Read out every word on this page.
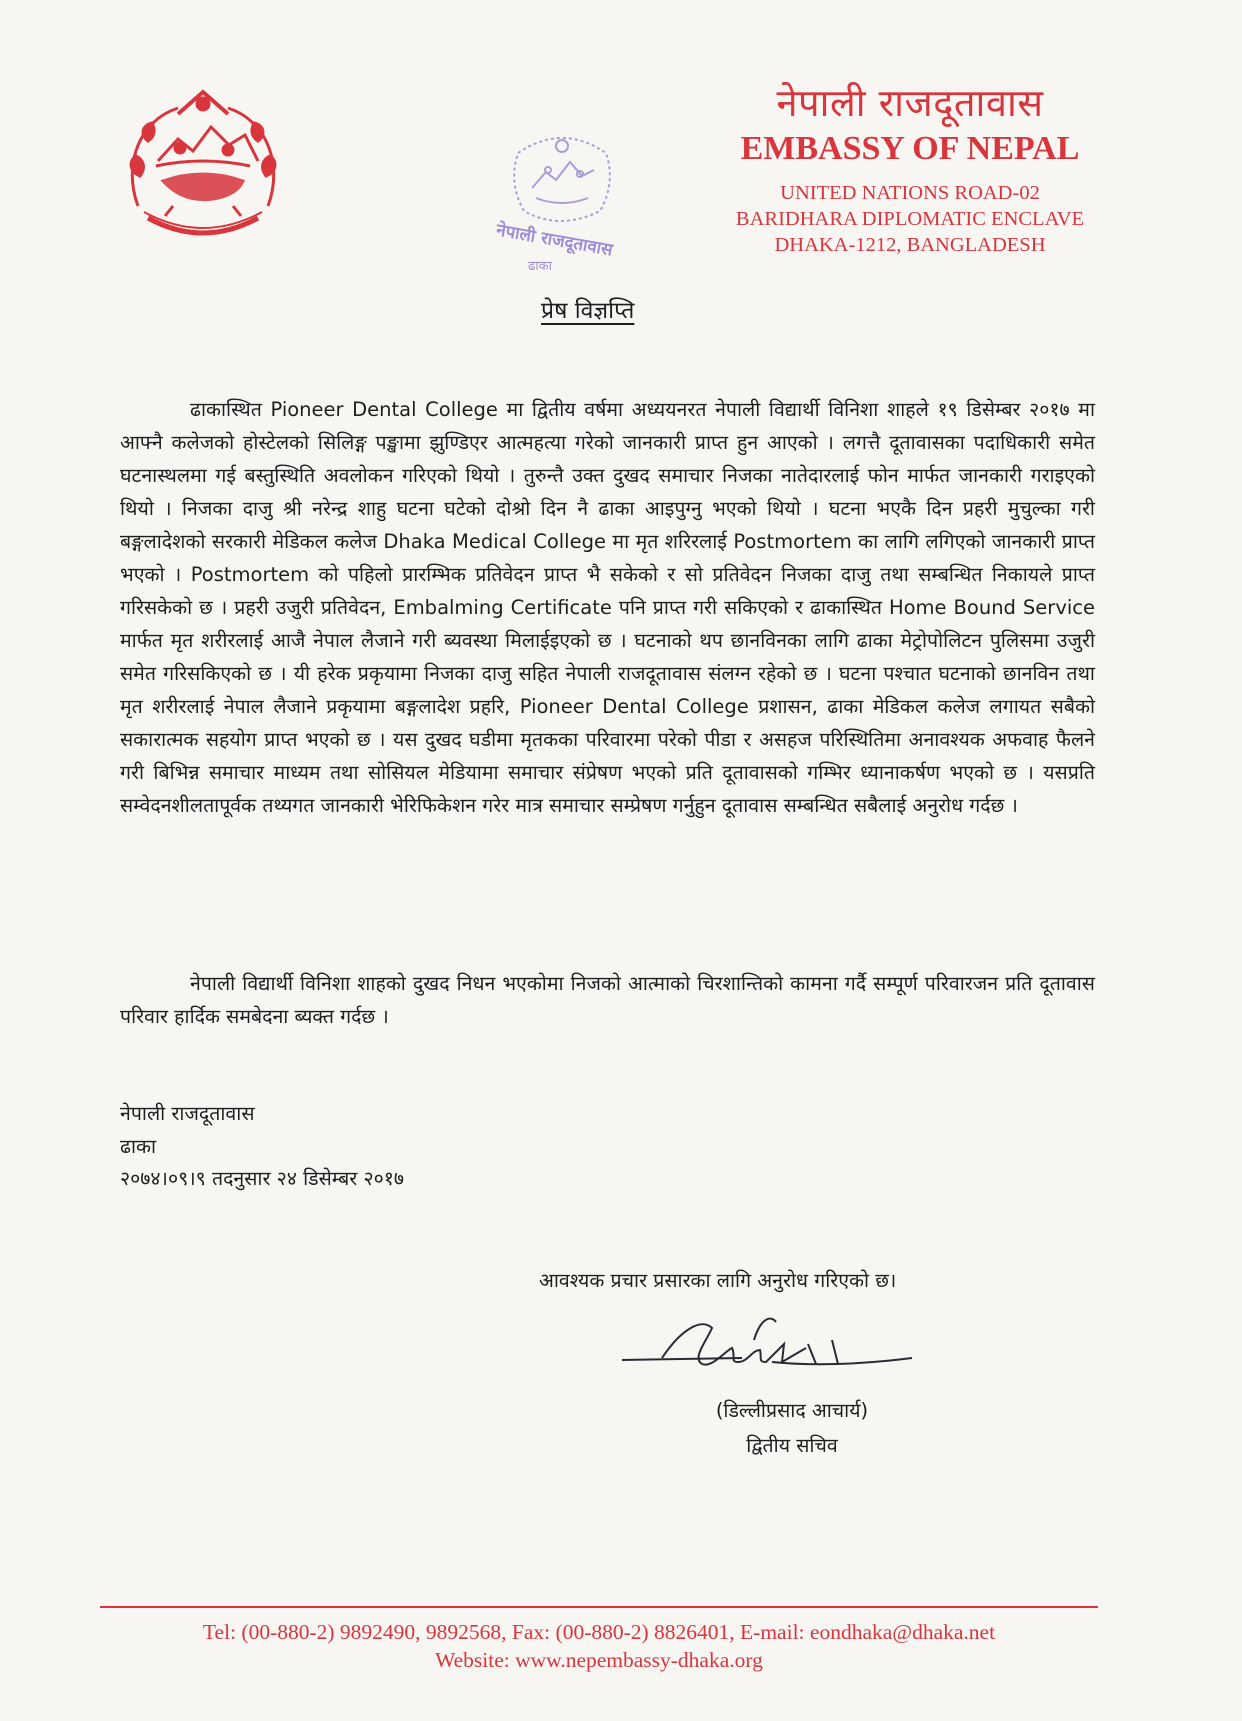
नेपाली राजदूतावास
ढाका
नेपाली राजदूतावास
EMBASSY OF NEPAL
UNITED NATIONS ROAD-02
BARIDHARA DIPLOMATIC ENCLAVE
DHAKA-1212, BANGLADESH
प्रेष विज्ञप्ति
ढाकास्थित Pioneer Dental College मा द्वितीय वर्षमा अध्ययनरत नेपाली विद्यार्थी विनिशा शाहले १९ डिसेम्बर २०१७ मा आफ्नै कलेजको होस्टेलको सिलिङ्ग पङ्खामा झुण्डिएर आत्महत्या गरेको जानकारी प्राप्त हुन आएको । लगत्तै दूतावासका पदाधिकारी समेत घटनास्थलमा गई बस्तुस्थिति अवलोकन गरिएको थियो । तुरुन्तै उक्त दुखद समाचार निजका नातेदारलाई फोन मार्फत जानकारी गराइएको थियो । निजका दाजु श्री नरेन्द्र शाहु घटना घटेको दोश्रो दिन नै ढाका आइपुग्नु भएको थियो । घटना भएकै दिन प्रहरी मुचुल्का गरी बङ्गलादेशको सरकारी मेडिकल कलेज Dhaka Medical College मा मृत शरिरलाई Postmortem का लागि लगिएको जानकारी प्राप्त भएको । Postmortem को पहिलो प्रारम्भिक प्रतिवेदन प्राप्त भै सकेको र सो प्रतिवेदन निजका दाजु तथा सम्बन्धित निकायले प्राप्त गरिसकेको छ । प्रहरी उजुरी प्रतिवेदन, Embalming Certificate पनि प्राप्त गरी सकिएको र ढाकास्थित Home Bound Service मार्फत मृत शरीरलाई आजै नेपाल लैजाने गरी ब्यवस्था मिलाईइएको छ । घटनाको थप छानविनका लागि ढाका मेट्रोपोलिटन पुलिसमा उजुरी समेत गरिसकिएको छ । यी हरेक प्रकृयामा निजका दाजु सहित नेपाली राजदूतावास संलग्न रहेको छ । घटना पश्चात घटनाको छानविन तथा मृत शरीरलाई नेपाल लैजाने प्रकृयामा बङ्गलादेश प्रहरि, Pioneer Dental College प्रशासन, ढाका मेडिकल कलेज लगायत सबैको सकारात्मक सहयोग प्राप्त भएको छ । यस दुखद घडीमा मृतकका परिवारमा परेको पीडा र असहज परिस्थितिमा अनावश्यक अफवाह फैलने गरी बिभिन्न समाचार माध्यम तथा सोसियल मेडियामा समाचार संप्रेषण भएको प्रति दूतावासको गम्भिर ध्यानाकर्षण भएको छ । यसप्रति सम्वेदनशीलतापूर्वक तथ्यगत जानकारी भेरिफिकेशन गरेर मात्र समाचार सम्प्रेषण गर्नुहुन दूतावास सम्बन्धित सबैलाई अनुरोध गर्दछ ।
नेपाली विद्यार्थी विनिशा शाहको दुखद निधन भएकोमा निजको आत्माको चिरशान्तिको कामना गर्दै सम्पूर्ण परिवारजन प्रति दूतावास परिवार हार्दिक समबेदना ब्यक्त गर्दछ ।
नेपाली राजदूतावास
ढाका
२०७४।०९।९ तदनुसार २४ डिसेम्बर २०१७
आवश्यक प्रचार प्रसारका लागि अनुरोध गरिएको छ।
(डिल्लीप्रसाद आचार्य)
द्वितीय सचिव
Tel: (00-880-2) 9892490, 9892568, Fax: (00-880-2) 8826401, E-mail: eondhaka@dhaka.net
Website: www.nepembassy-dhaka.org
